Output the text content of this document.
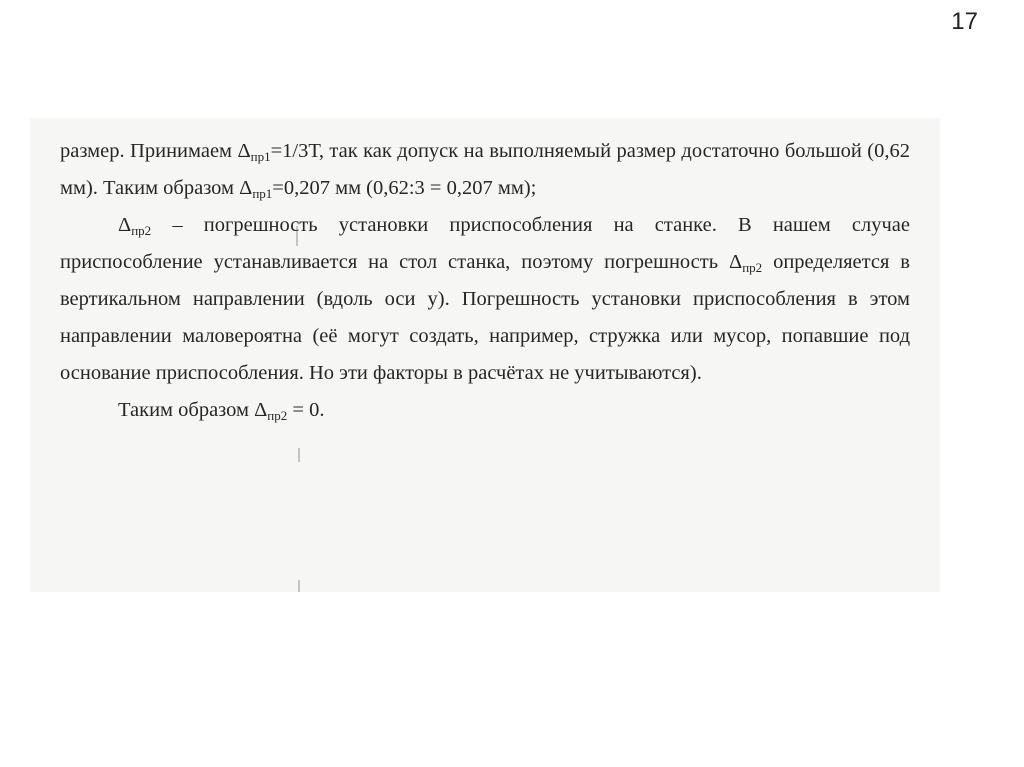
17

размер. Принимаем $\Delta_{пр1}=1/3Т$, так как допуск на выполняемый размер достаточно большой (0,62 мм). Таким образом $\Delta_{пр1}=0,207$ мм (0,62:3 = 0,207 мм);

$\Delta_{пр2}$ – погрешность установки приспособления на станке. В нашем случае приспособление устанавливается на стол станка, поэтому погрешность $\Delta_{пр2}$ определяется в вертикальном направлении (вдоль оси y). Погрешность установки приспособления в этом направлении маловероятна (её могут создать, например, стружка или мусор, попавшие под основание приспособления. Но эти факторы в расчётах не учитываются).

Таким образом $\Delta_{пр2} = 0$.
